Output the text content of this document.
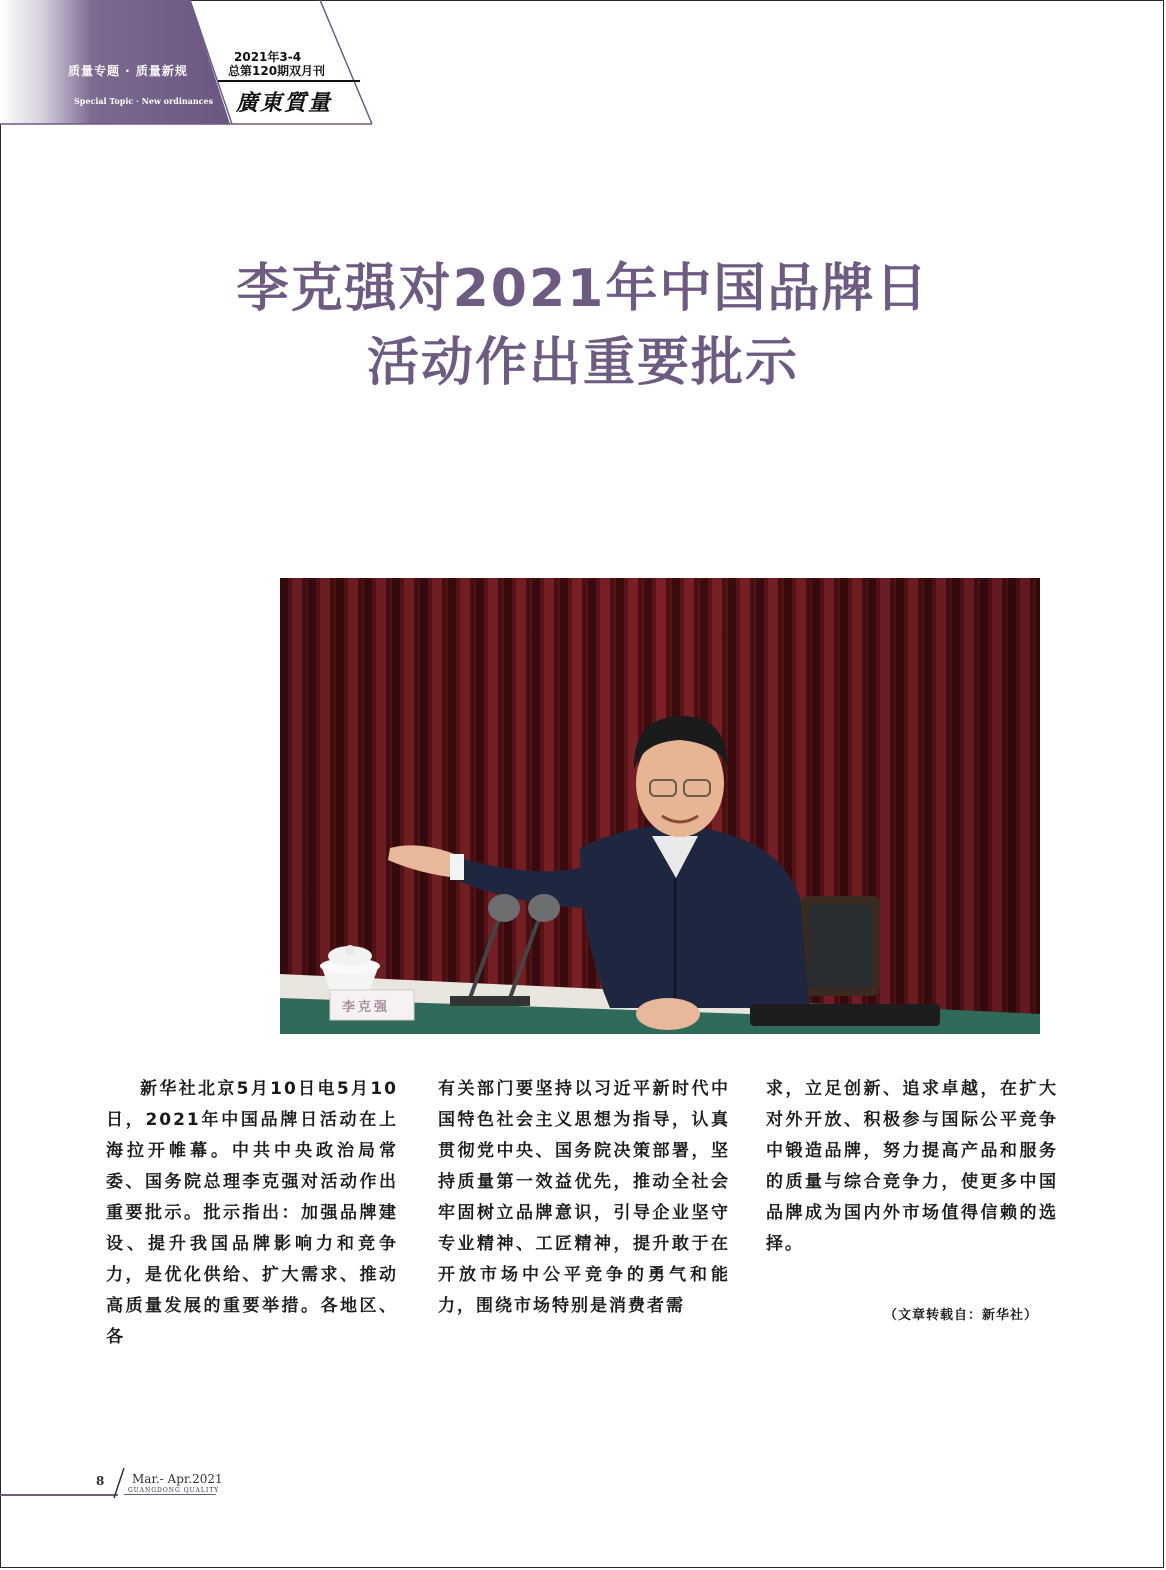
质量专题 · 质量新规
Special Topic · New ordinances
2021年3-4
总第120期双月刊
廣東質量
李克强对2021年中国品牌日
活动作出重要批示
李克强
新华社北京5月10日电5月10日，2021年中国品牌日活动在上海拉开帷幕。中共中央政治局常委、国务院总理李克强对活动作出重要批示。批示指出：加强品牌建设、提升我国品牌影响力和竞争力，是优化供给、扩大需求、推动高质量发展的重要举措。各地区、各
有关部门要坚持以习近平新时代中国特色社会主义思想为指导，认真贯彻党中央、国务院决策部署，坚持质量第一效益优先，推动全社会牢固树立品牌意识，引导企业坚守专业精神、工匠精神，提升敢于在开放市场中公平竞争的勇气和能力，围绕市场特别是消费者需
求，立足创新、追求卓越，在扩大对外开放、积极参与国际公平竞争中锻造品牌，努力提高产品和服务的质量与综合竞争力，使更多中国品牌成为国内外市场值得信赖的选择。
（文章转载自：新华社）
8 Mar.- Apr.2021
GUANGDONG QUALITY
